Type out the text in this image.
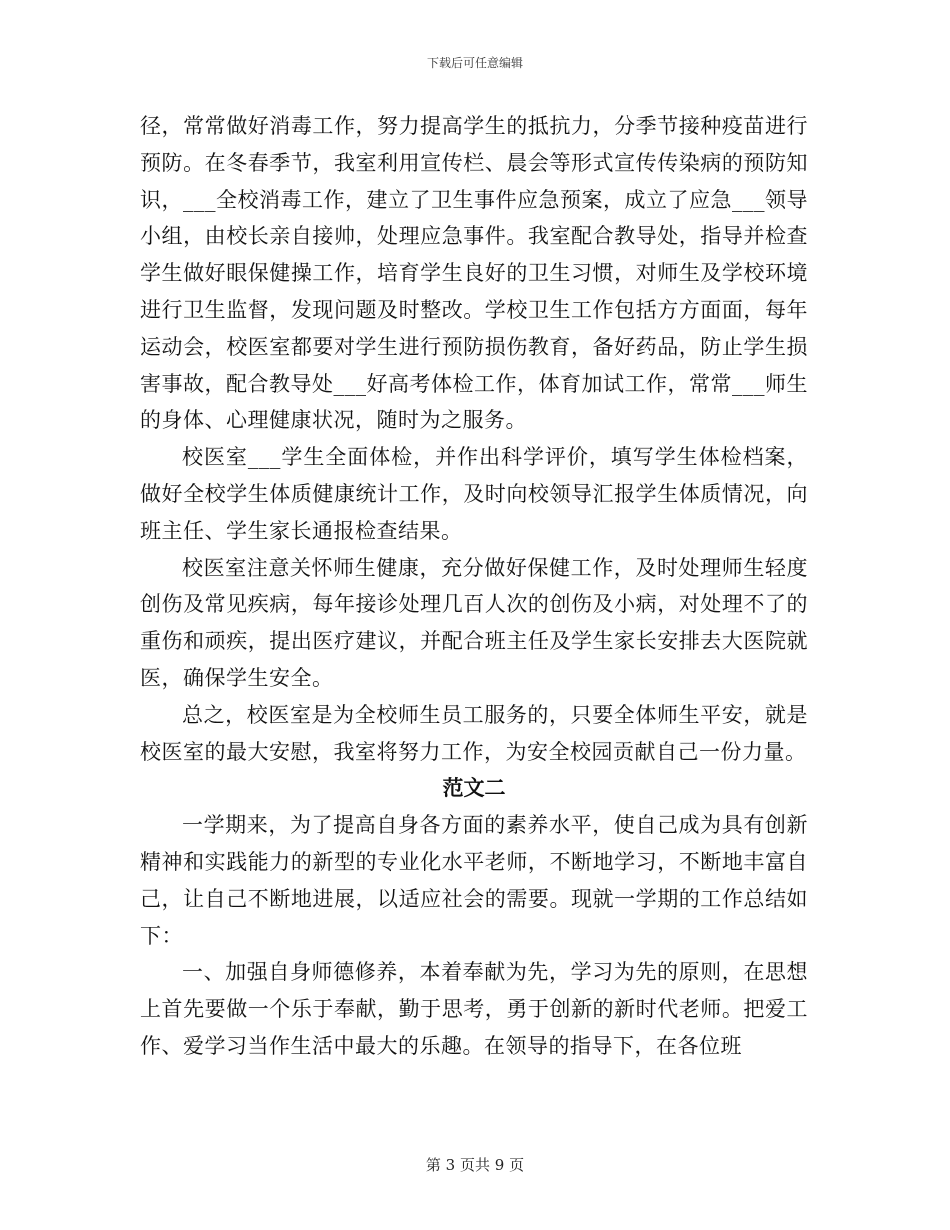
下载后可任意编辑

径，常常做好消毒工作，努力提高学生的抵抗力，分季节接种疫苗进行预防。在冬春季节，我室利用宣传栏、晨会等形式宣传传染病的预防知识，___全校消毒工作，建立了卫生事件应急预案，成立了应急___领导小组，由校长亲自接帅，处理应急事件。我室配合教导处，指导并检查学生做好眼保健操工作，培育学生良好的卫生习惯，对师生及学校环境进行卫生监督，发现问题及时整改。学校卫生工作包括方方面面，每年运动会，校医室都要对学生进行预防损伤教育，备好药品，防止学生损害事故，配合教导处___好高考体检工作，体育加试工作，常常___师生的身体、心理健康状况，随时为之服务。

校医室___学生全面体检，并作出科学评价，填写学生体检档案，做好全校学生体质健康统计工作，及时向校领导汇报学生体质情况，向班主任、学生家长通报检查结果。

校医室注意关怀师生健康，充分做好保健工作，及时处理师生轻度创伤及常见疾病，每年接诊处理几百人次的创伤及小病，对处理不了的重伤和顽疾，提出医疗建议，并配合班主任及学生家长安排去大医院就医，确保学生安全。

总之，校医室是为全校师生员工服务的，只要全体师生平安，就是校医室的最大安慰，我室将努力工作，为安全校园贡献自己一份力量。

范文二

一学期来，为了提高自身各方面的素养水平，使自己成为具有创新精神和实践能力的新型的专业化水平老师，不断地学习，不断地丰富自己，让自己不断地进展，以适应社会的需要。现就一学期的工作总结如下：

一、加强自身师德修养，本着奉献为先，学习为先的原则，在思想上首先要做一个乐于奉献，勤于思考，勇于创新的新时代老师。把爱工作、爱学习当作生活中最大的乐趣。在领导的指导下，在各位班

第 3 页共 9 页
